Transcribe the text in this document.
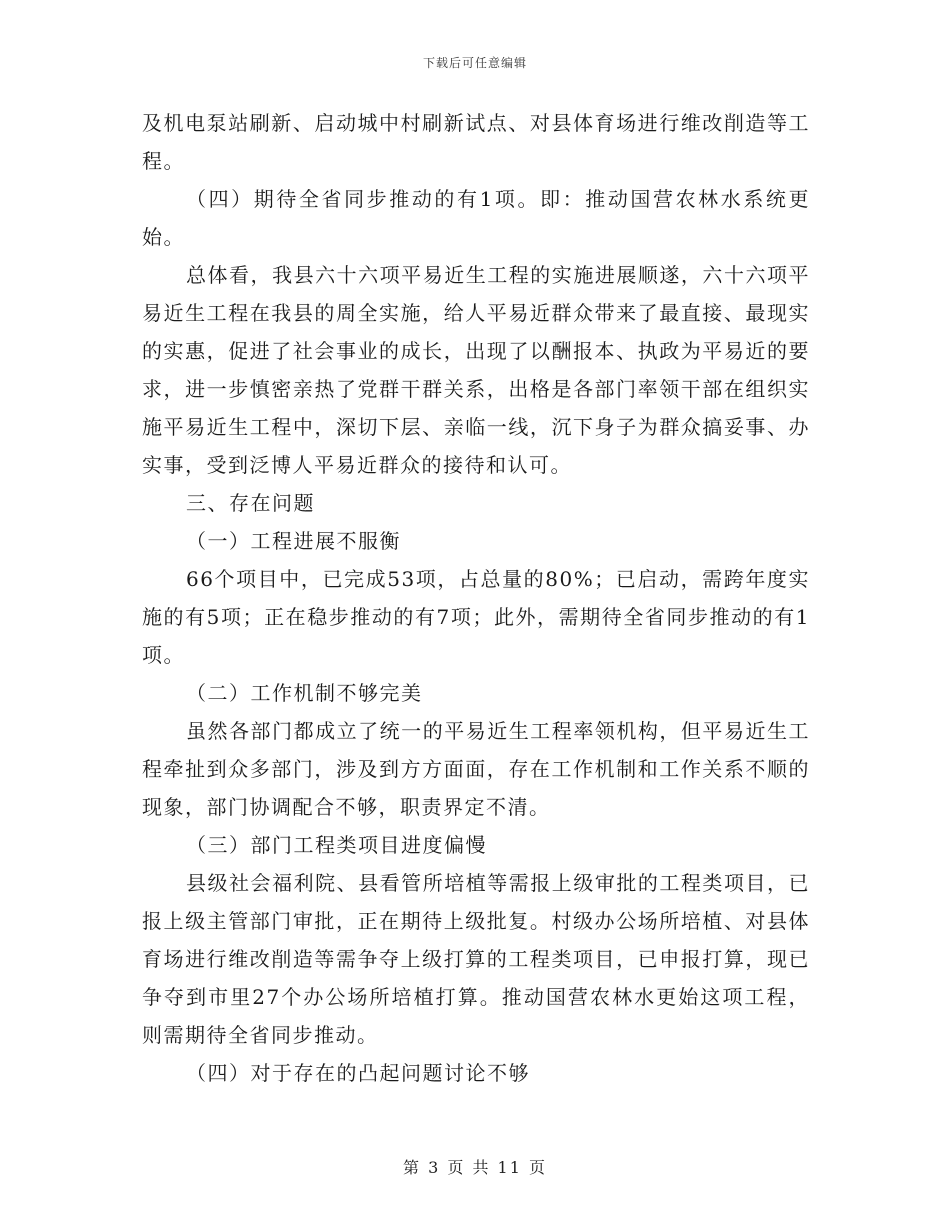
下载后可任意编辑

及机电泵站刷新、启动城中村刷新试点、对县体育场进行维改削造等工程。

（四）期待全省同步推动的有1项。即：推动国营农林水系统更始。

总体看，我县六十六项平易近生工程的实施进展顺遂，六十六项平易近生工程在我县的周全实施，给人平易近群众带来了最直接、最现实的实惠，促进了社会事业的成长，出现了以酬报本、执政为平易近的要求，进一步慎密亲热了党群干群关系，出格是各部门率领干部在组织实施平易近生工程中，深切下层、亲临一线，沉下身子为群众搞妥事、办实事，受到泛博人平易近群众的接待和认可。

三、存在问题

（一）工程进展不服衡

66个项目中，已完成53项，占总量的80%；已启动，需跨年度实施的有5项；正在稳步推动的有7项；此外，需期待全省同步推动的有1项。

（二）工作机制不够完美

虽然各部门都成立了统一的平易近生工程率领机构，但平易近生工程牵扯到众多部门，涉及到方方面面，存在工作机制和工作关系不顺的现象，部门协调配合不够，职责界定不清。

（三）部门工程类项目进度偏慢

县级社会福利院、县看管所培植等需报上级审批的工程类项目，已报上级主管部门审批，正在期待上级批复。村级办公场所培植、对县体育场进行维改削造等需争夺上级打算的工程类项目，已申报打算，现已争夺到市里27个办公场所培植打算。推动国营农林水更始这项工程，则需期待全省同步推动。

（四）对于存在的凸起问题讨论不够

第 3 页 共 11 页
